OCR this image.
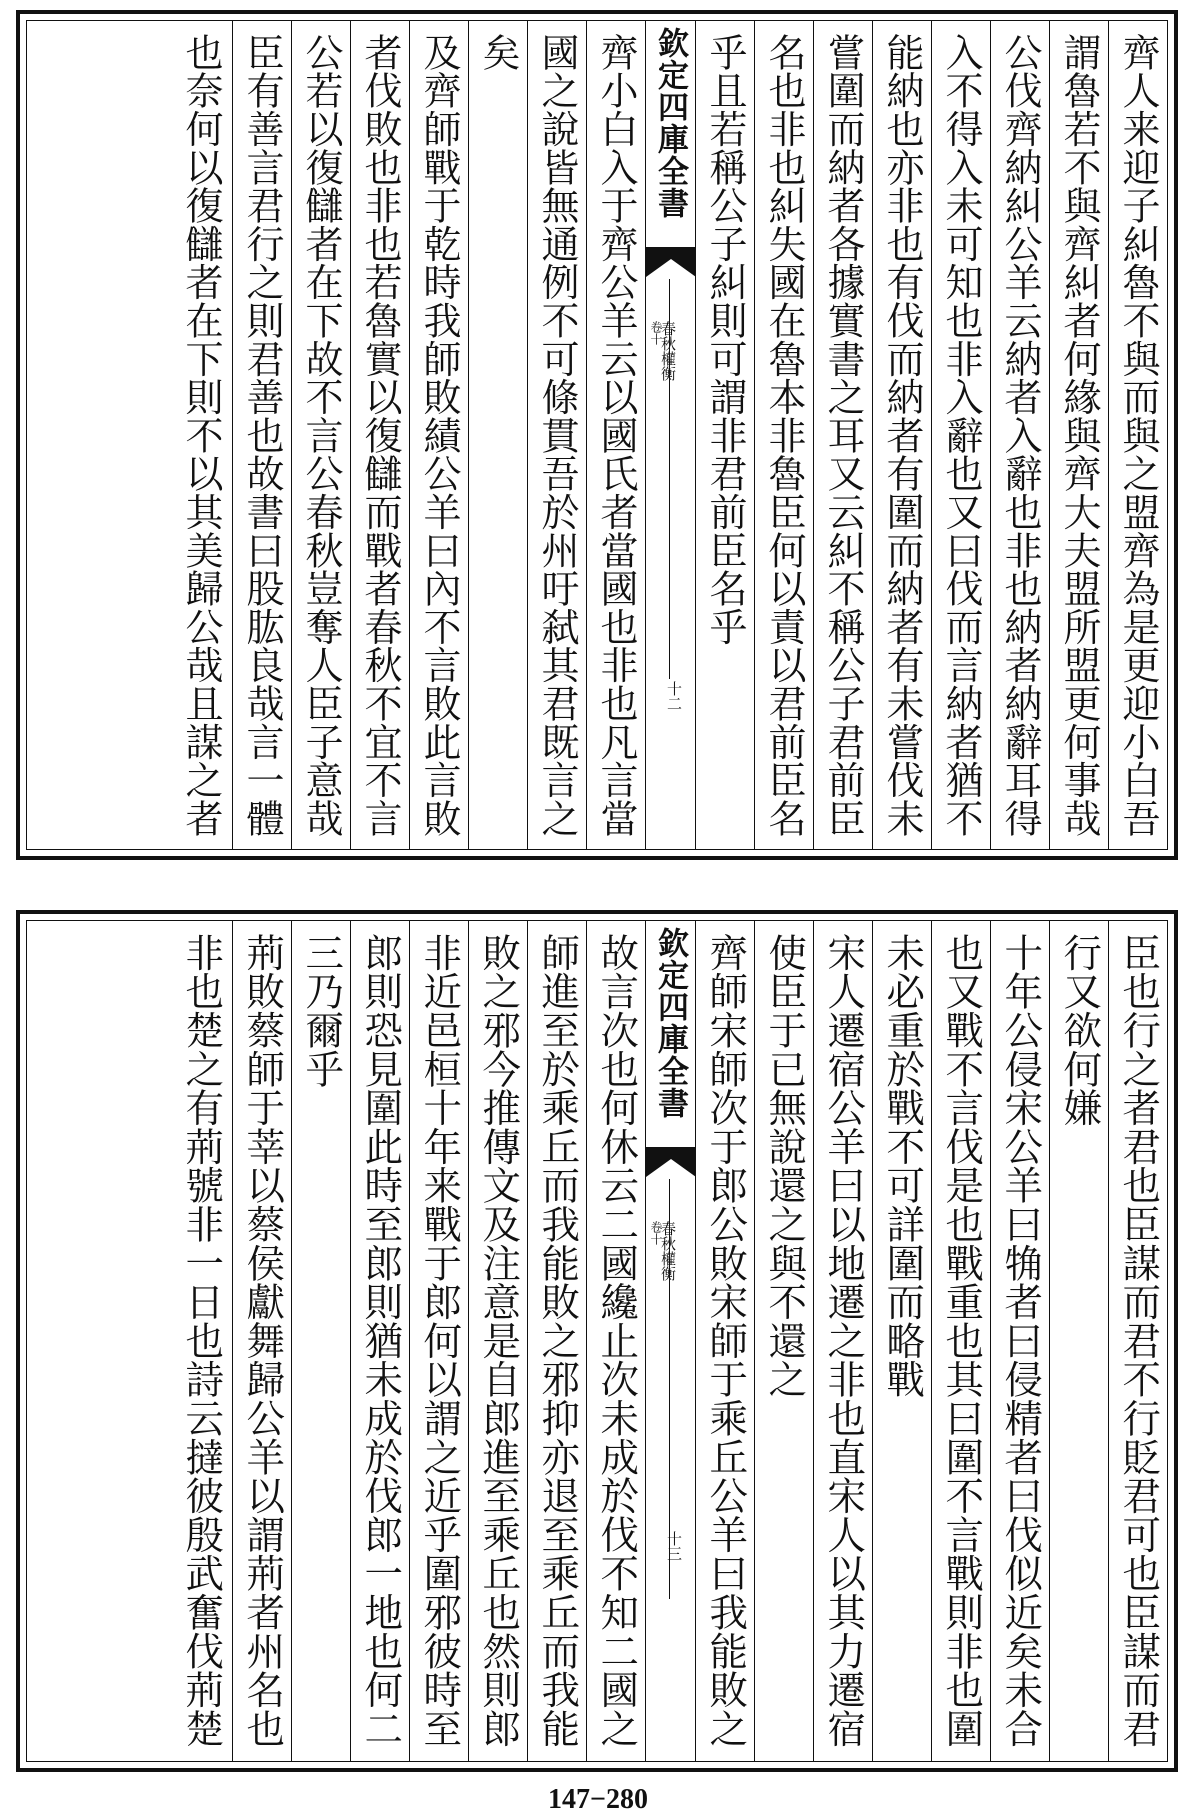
齊人来迎子糾魯不與而與之盟齊為是更迎小白吾
謂魯若不與齊糾者何緣與齊大夫盟所盟更何事哉
公伐齊納糾公羊云納者入辭也非也納者納辭耳得
入不得入未可知也非入辭也又曰伐而言納者猶不
能納也亦非也有伐而納者有圍而納者有未嘗伐未
嘗圍而納者各據實書之耳又云糾不稱公子君前臣
名也非也糾失國在魯本非魯臣何以責以君前臣名
乎且若稱公子糾則可謂非君前臣名乎
欽定四庫全書
春秋權衡
卷十
十二
齊小白入于齊公羊云以國氏者當國也非也凡言當
國之說皆無通例不可條貫吾於州吁弑其君既言之
矣
及齊師戰于乾時我師敗績公羊曰內不言敗此言敗
者伐敗也非也若魯實以復讎而戰者春秋不宜不言
公若以復讎者在下故不言公春秋豈奪人臣子意哉
臣有善言君行之則君善也故書曰股肱良哉言一體
也奈何以復讎者在下則不以其美歸公哉且謀之者
臣也行之者君也臣謀而君不行貶君可也臣謀而君
行又欲何嫌
十年公侵宋公羊曰觕者曰侵精者曰伐似近矣未合
也又戰不言伐是也戰重也其曰圍不言戰則非也圍
未必重於戰不可詳圍而略戰
宋人遷宿公羊曰以地遷之非也直宋人以其力遷宿
使臣于已無說還之與不還之
齊師宋師次于郎公敗宋師于乘丘公羊曰我能敗之
欽定四庫全書
春秋權衡
卷十
十三
故言次也何休云二國纔止次未成於伐不知二國之
師進至於乘丘而我能敗之邪抑亦退至乘丘而我能
敗之邪今推傳文及注意是自郎進至乘丘也然則郎
非近邑桓十年来戰于郎何以謂之近乎圍邪彼時至
郎則恐見圍此時至郎則猶未成於伐郎一地也何二
三乃爾乎
荊敗蔡師于莘以蔡侯獻舞歸公羊以謂荊者州名也
非也楚之有荊號非一日也詩云撻彼殷武奮伐荊楚
147−280
